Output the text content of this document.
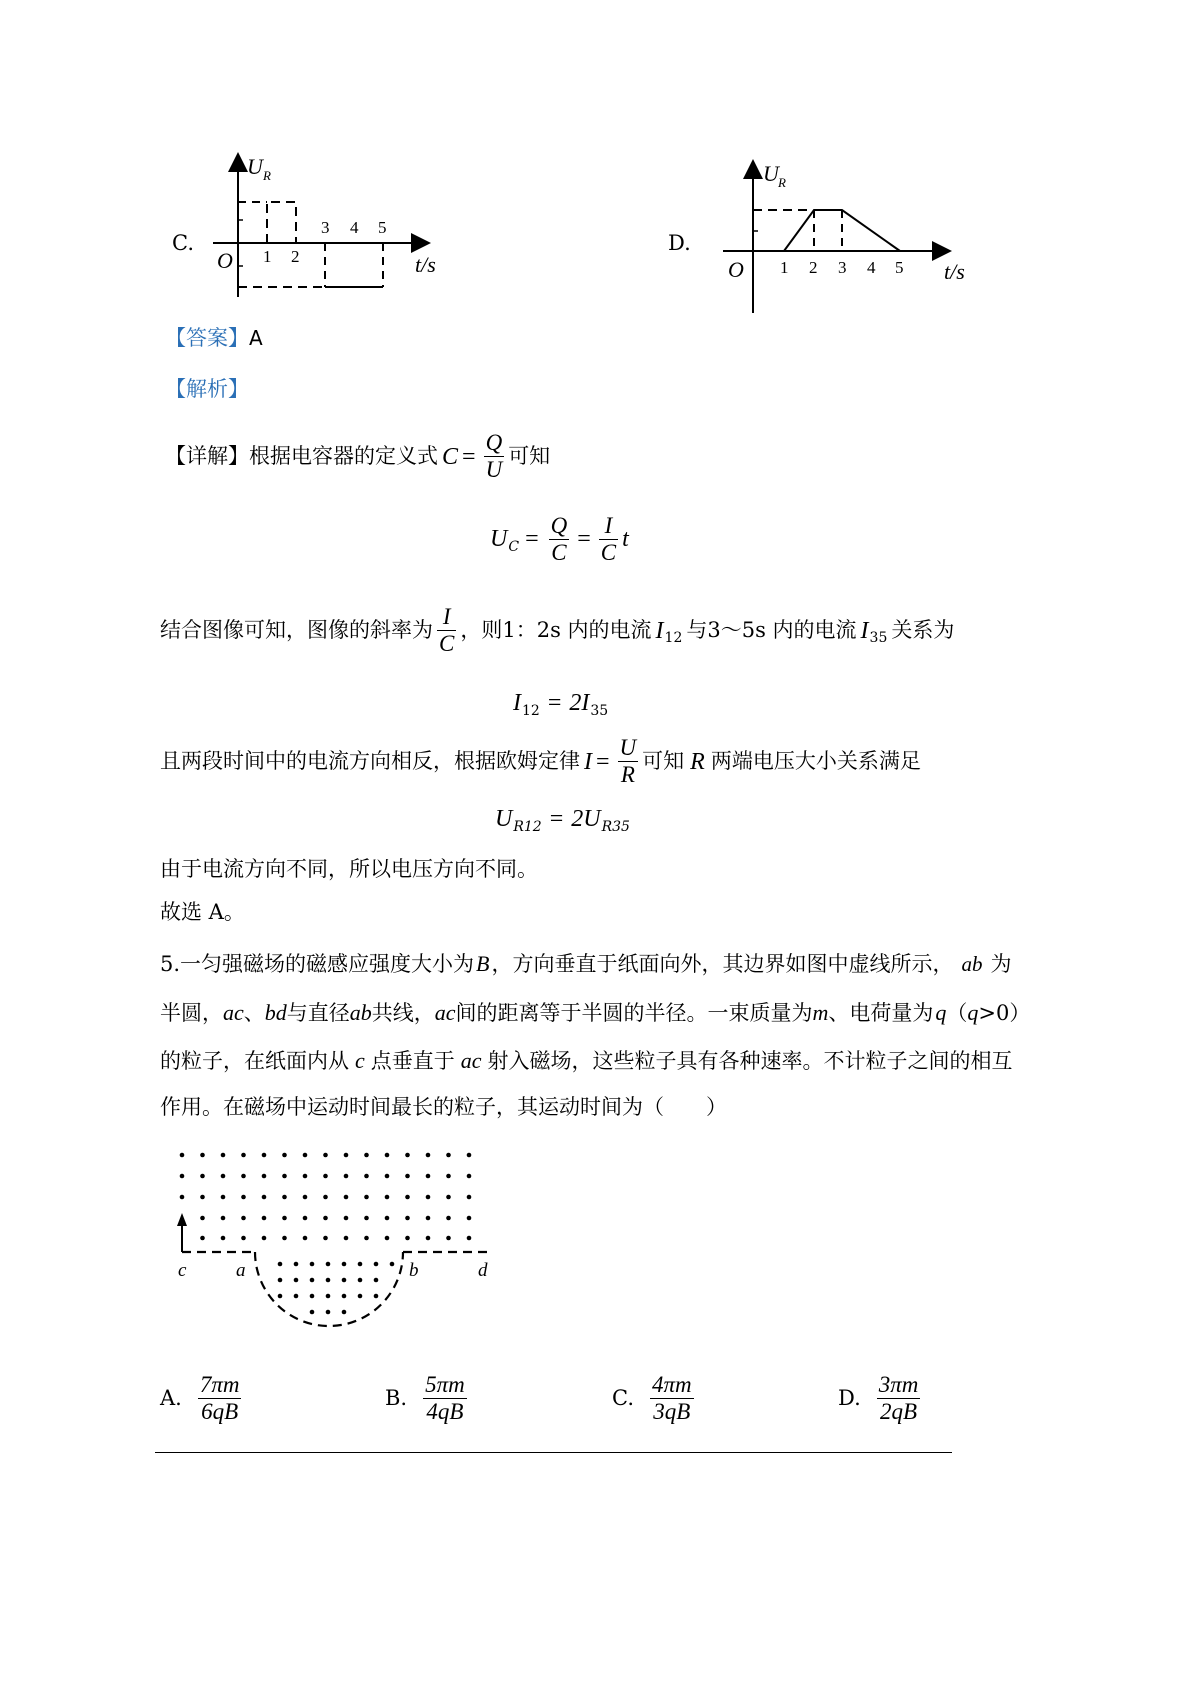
C.
U R
O	t/s
1 2
3 4 5
D.
U R
O	t/s
1 2 3 4 5
【答案】A
【解析】
【详解】 根据电容器的定义式 $C = \frac{Q}{U}$ 可知
U $C = \frac{Q}{C} = \frac{I}{C}$ t
结合图像可知，图像的斜率为 $\frac{I}{C}$ ，则1：2s 内的电流 I 12 与3～5s 内的电流 I 35 关系为
I 12 = 2I 35
且两段时间中的电流方向相反，根据欧姆定律 $I = \frac{U}{R}$ 可知 R 两端电压大小关系满足
U R12 = 2U R35
由于电流方向不同，所以电压方向不同。
故选 A。
5.一匀强磁场的磁感应强度大小为 B ，方向垂直于纸面向外，其边界如图中虚线所示， ab 为
半圆， ac 、 bd 与直径 ab 共线， ac 间的距离等于半圆的半径。一束质量为 m 、电荷量为 q （ q >0）
的粒子，在纸面内从 c 点垂直于 ac 射入磁场，这些粒子具有各种速率。不计粒子之间的相互
作用。在磁场中运动时间最长的粒子，其运动时间为（　　）
c	a	b	d
A. $\frac{7\pi m}{6qB}$	B. $\frac{5\pi m}{4qB}$	C. $\frac{4\pi m}{3qB}$	D. $\frac{3\pi m}{2qB}$
